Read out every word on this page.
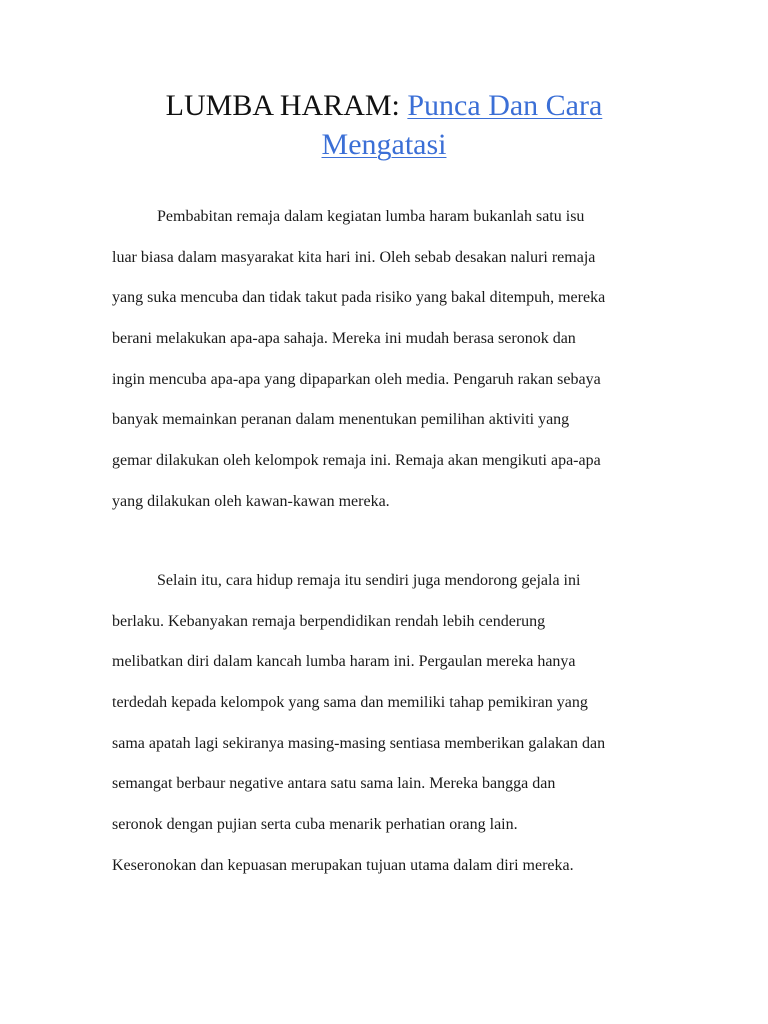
LUMBA HARAM: Punca Dan Cara
Mengatasi
Pembabitan remaja dalam kegiatan lumba haram bukanlah satu isu
luar biasa dalam masyarakat kita hari ini. Oleh sebab desakan naluri remaja
yang suka mencuba dan tidak takut pada risiko yang bakal ditempuh, mereka
berani melakukan apa-apa sahaja. Mereka ini mudah berasa seronok dan
ingin mencuba apa-apa yang dipaparkan oleh media. Pengaruh rakan sebaya
banyak memainkan peranan dalam menentukan pemilihan aktiviti yang
gemar dilakukan oleh kelompok remaja ini. Remaja akan mengikuti apa-apa
yang dilakukan oleh kawan-kawan mereka.
Selain itu, cara hidup remaja itu sendiri juga mendorong gejala ini
berlaku. Kebanyakan remaja berpendidikan rendah lebih cenderung
melibatkan diri dalam kancah lumba haram ini. Pergaulan mereka hanya
terdedah kepada kelompok yang sama dan memiliki tahap pemikiran yang
sama apatah lagi sekiranya masing-masing sentiasa memberikan galakan dan
semangat berbaur negative antara satu sama lain. Mereka bangga dan
seronok dengan pujian serta cuba menarik perhatian orang lain.
Keseronokan dan kepuasan merupakan tujuan utama dalam diri mereka.
